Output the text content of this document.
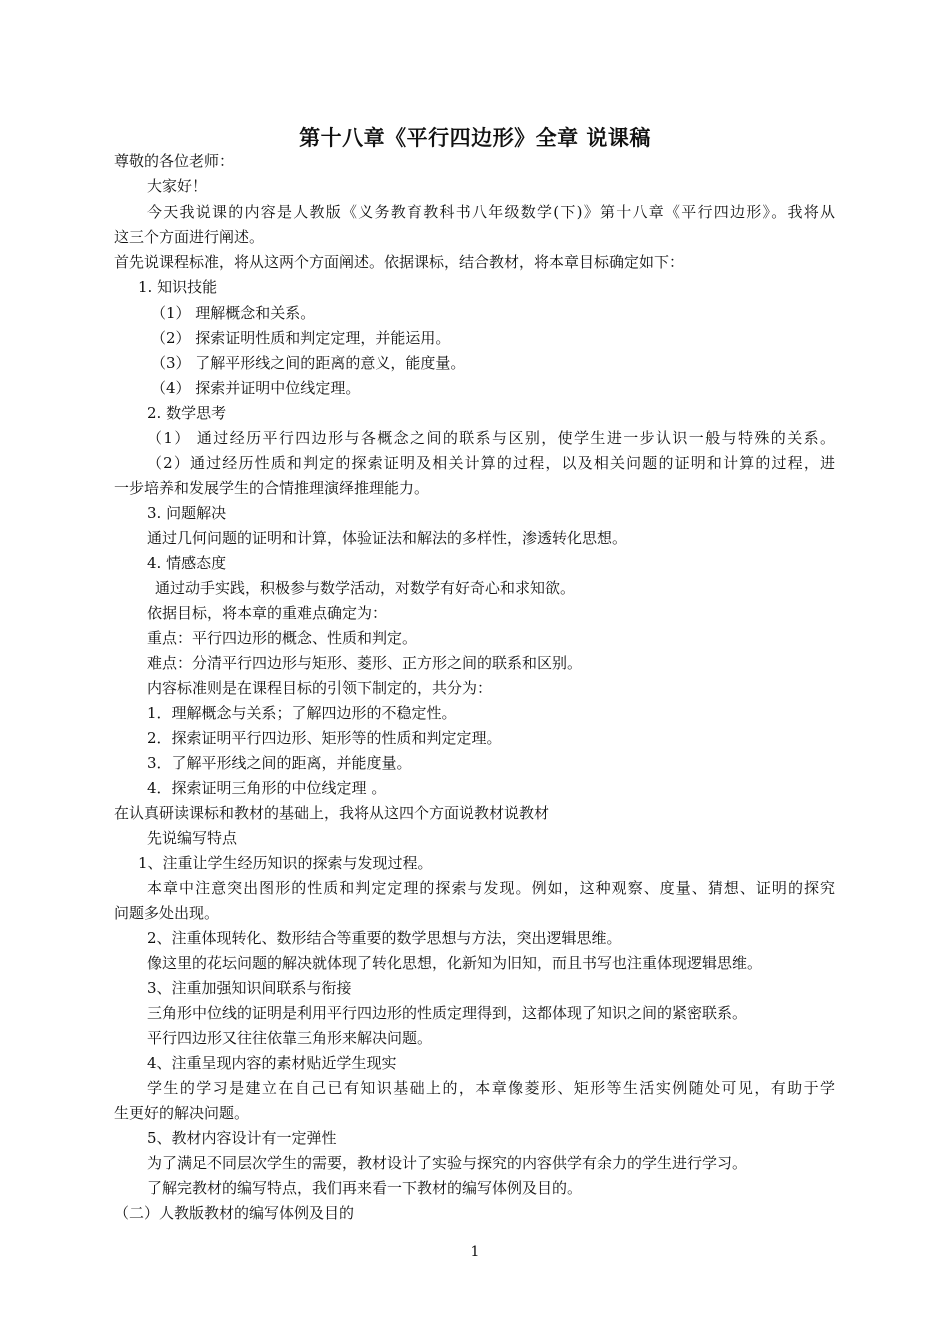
第十八章《平行四边形》全章 说课稿
尊敬的各位老师：
大家好！
今天我说课的内容是人教版《义务教育教科书八年级数学(下)》第十八章《平行四边形》。我将从
这三个方面进行阐述。
首先说课程标准，将从这两个方面阐述。依据课标，结合教材，将本章目标确定如下：
1. 知识技能
（1） 理解概念和关系。
（2） 探索证明性质和判定定理，并能运用。
（3） 了解平形线之间的距离的意义，能度量。
（4） 探索并证明中位线定理。
2. 数学思考
（1） 通过经历平行四边形与各概念之间的联系与区别，使学生进一步认识一般与特殊的关系。
（2）通过经历性质和判定的探索证明及相关计算的过程，以及相关问题的证明和计算的过程，进
一步培养和发展学生的合情推理演绎推理能力。
3. 问题解决
通过几何问题的证明和计算，体验证法和解法的多样性，渗透转化思想。
4. 情感态度
通过动手实践，积极参与数学活动，对数学有好奇心和求知欲。
依据目标，将本章的重难点确定为：
重点：平行四边形的概念、性质和判定。
难点：分清平行四边形与矩形、菱形、正方形之间的联系和区别。
内容标准则是在课程目标的引领下制定的，共分为：
1．理解概念与关系；了解四边形的不稳定性。
2．探索证明平行四边形、矩形等的性质和判定定理。
3．了解平形线之间的距离，并能度量。
4．探索证明三角形的中位线定理 。
在认真研读课标和教材的基础上，我将从这四个方面说教材说教材
先说编写特点
1、注重让学生经历知识的探索与发现过程。
本章中注意突出图形的性质和判定定理的探索与发现。例如，这种观察、度量、猜想、证明的探究
问题多处出现。
2、注重体现转化、数形结合等重要的数学思想与方法，突出逻辑思维。
像这里的花坛问题的解决就体现了转化思想，化新知为旧知，而且书写也注重体现逻辑思维。
3、注重加强知识间联系与衔接
三角形中位线的证明是利用平行四边形的性质定理得到，这都体现了知识之间的紧密联系。
平行四边形又往往依靠三角形来解决问题。
4、注重呈现内容的素材贴近学生现实
学生的学习是建立在自己已有知识基础上的，本章像菱形、矩形等生活实例随处可见，有助于学
生更好的解决问题。
5、教材内容设计有一定弹性
为了满足不同层次学生的需要，教材设计了实验与探究的内容供学有余力的学生进行学习。
了解完教材的编写特点，我们再来看一下教材的编写体例及目的。
（二）人教版教材的编写体例及目的
1
